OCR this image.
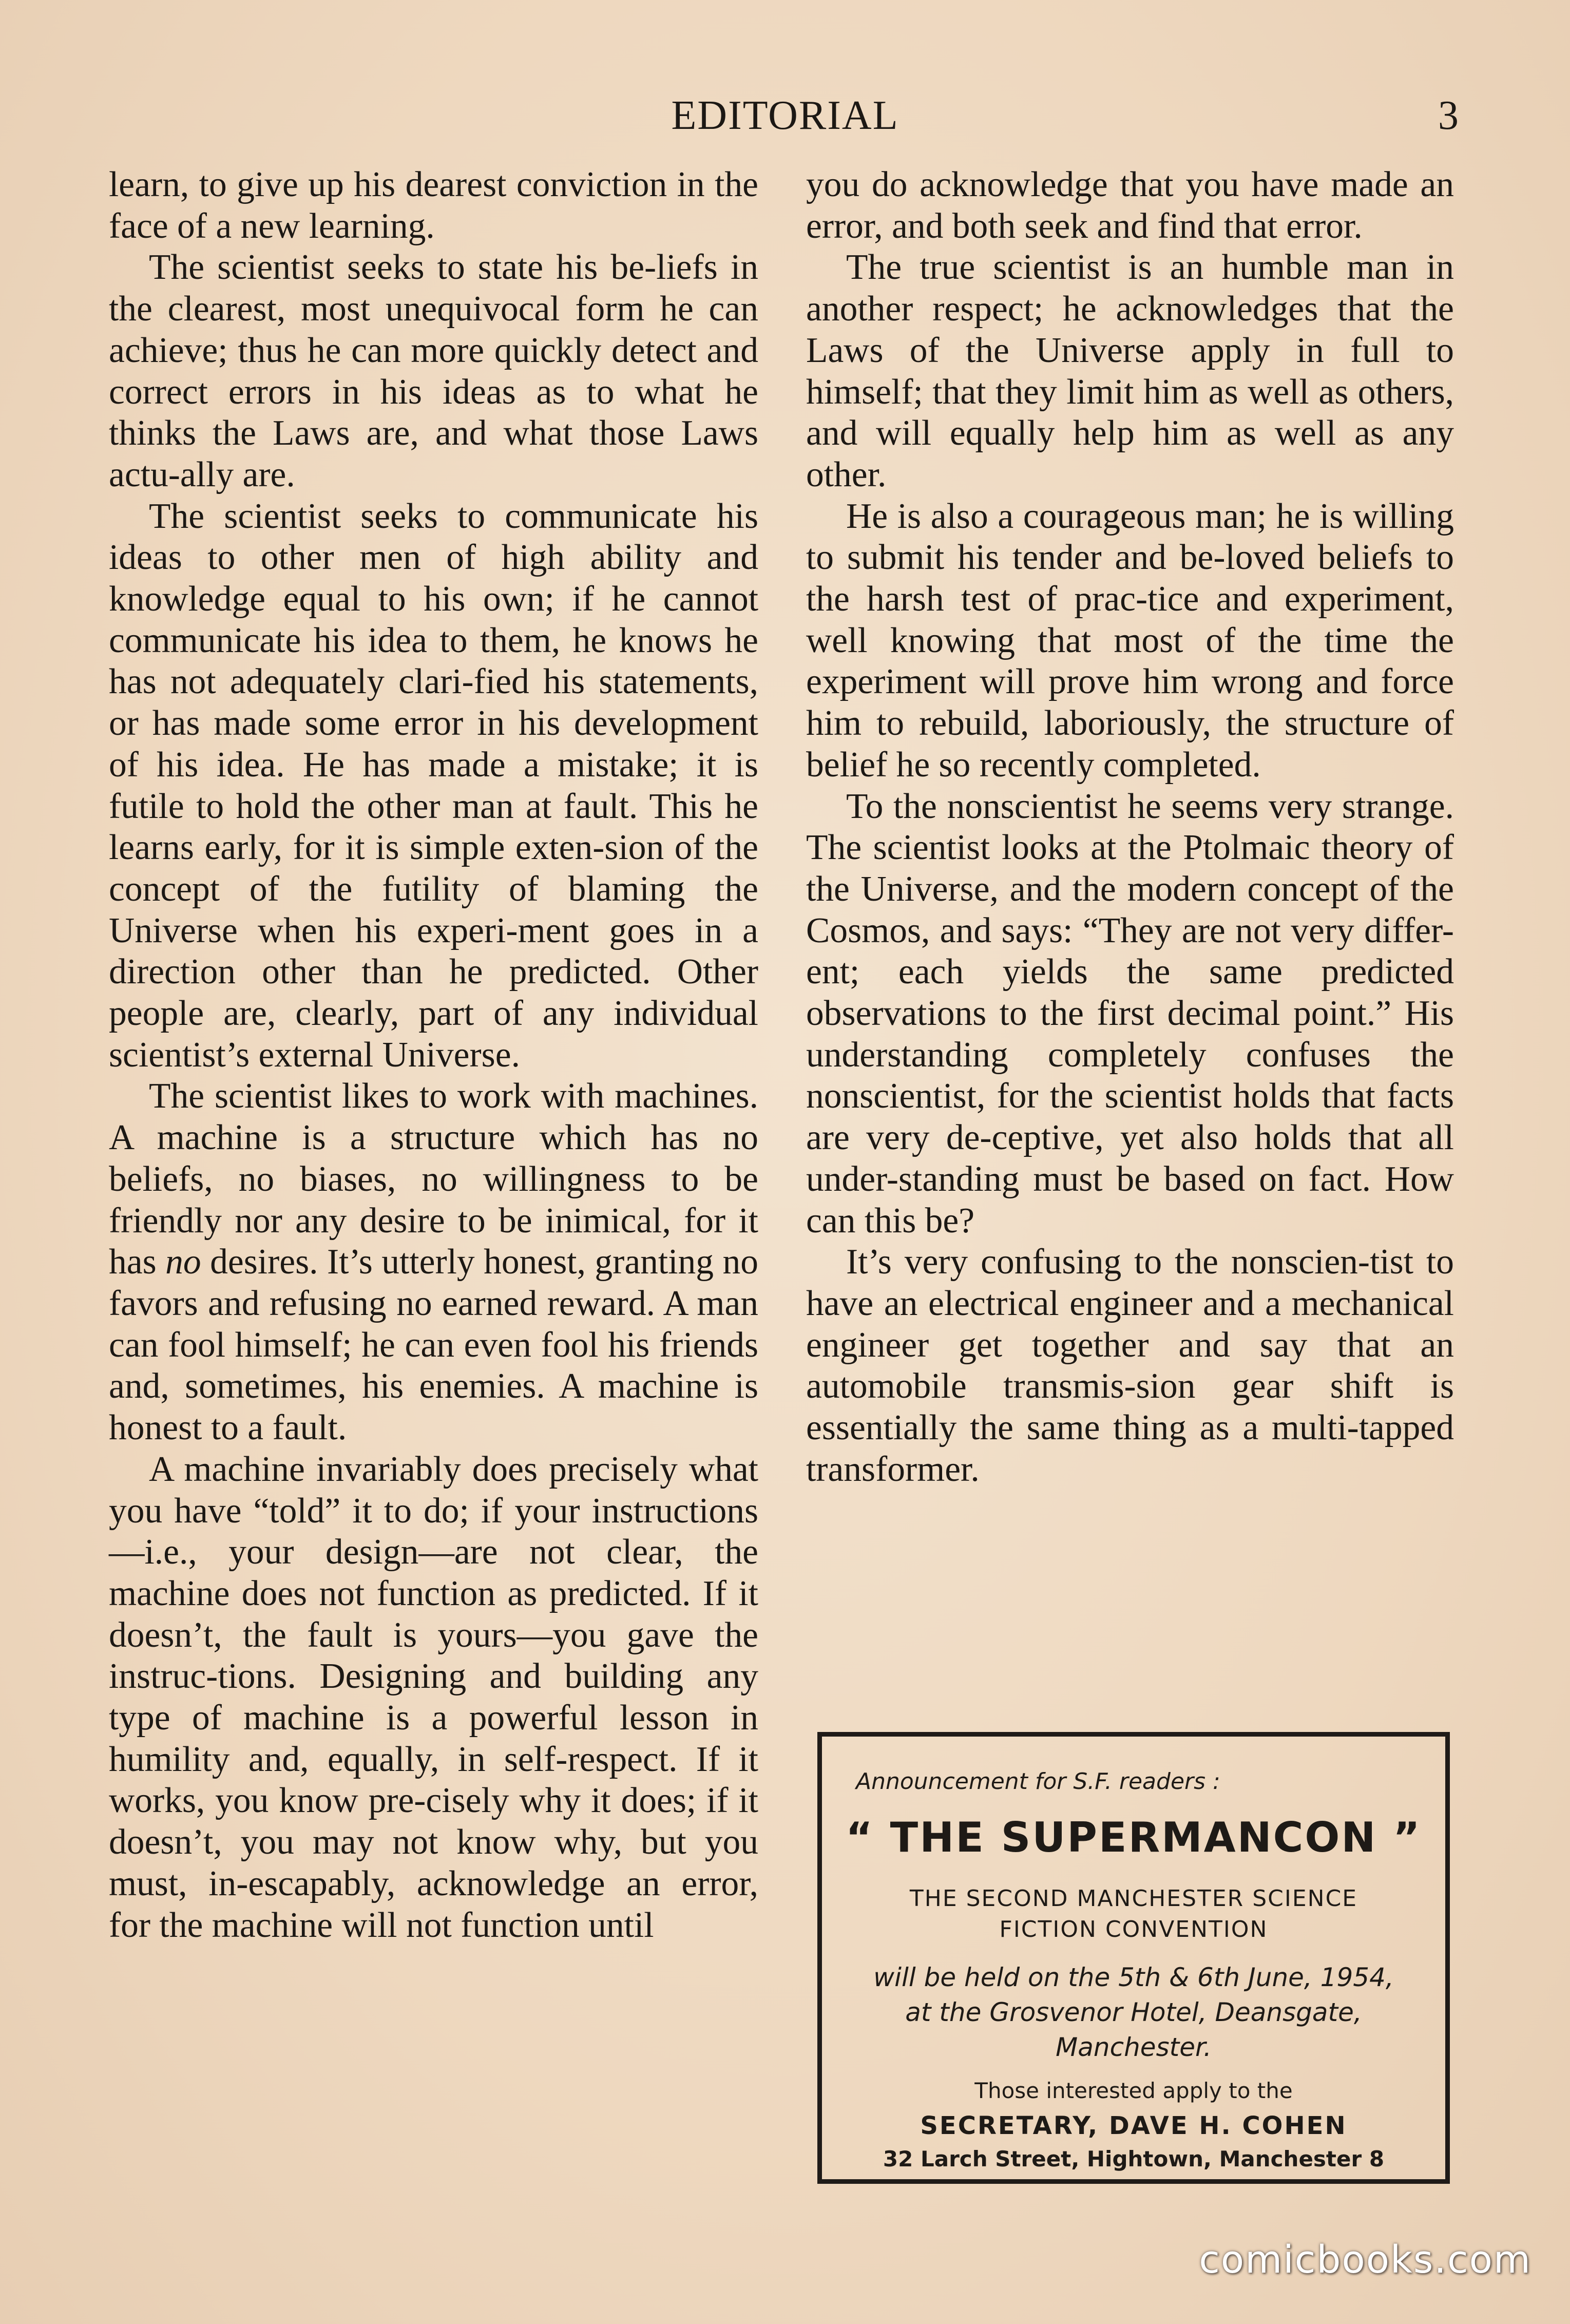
EDITORIAL	3

learn, to give up his dearest conviction in the face of a new learning.

The scientist seeks to state his be-liefs in the clearest, most unequivocal form he can achieve; thus he can more quickly detect and correct errors in his ideas as to what he thinks the Laws are, and what those Laws actu-ally are.

The scientist seeks to communicate his ideas to other men of high ability and knowledge equal to his own; if he cannot communicate his idea to them, he knows he has not adequately clari-fied his statements, or has made some error in his development of his idea. He has made a mistake; it is futile to hold the other man at fault. This he learns early, for it is simple exten-sion of the concept of the futility of blaming the Universe when his experi-ment goes in a direction other than he predicted. Other people are, clearly, part of any individual scientist’s external Universe.

The scientist likes to work with machines. A machine is a structure which has no beliefs, no biases, no willingness to be friendly nor any desire to be inimical, for it has no desires. It’s utterly honest, granting no favors and refusing no earned reward. A man can fool himself; he can even fool his friends and, sometimes, his enemies. A machine is honest to a fault.

A machine invariably does precisely what you have “told” it to do; if your instructions—i.e., your design—are not clear, the machine does not function as predicted. If it doesn’t, the fault is yours—you gave the instruc-tions. Designing and building any type of machine is a powerful lesson in humility and, equally, in self-respect. If it works, you know pre-cisely why it does; if it doesn’t, you may not know why, but you must, in-escapably, acknowledge an error, for the machine will not function until

you do acknowledge that you have made an error, and both seek and find that error.

The true scientist is an humble man in another respect; he acknowledges that the Laws of the Universe apply in full to himself; that they limit him as well as others, and will equally help him as well as any other.

He is also a courageous man; he is willing to submit his tender and be-loved beliefs to the harsh test of prac-tice and experiment, well knowing that most of the time the experiment will prove him wrong and force him to rebuild, laboriously, the structure of belief he so recently completed.

To the nonscientist he seems very strange. The scientist looks at the Ptolmaic theory of the Universe, and the modern concept of the Cosmos, and says: “They are not very differ-ent; each yields the same predicted observations to the first decimal point.” His understanding completely confuses the nonscientist, for the scientist holds that facts are very de-ceptive, yet also holds that all under-standing must be based on fact. How can this be?

It’s very confusing to the nonscien-tist to have an electrical engineer and a mechanical engineer get together and say that an automobile transmis-sion gear shift is essentially the same thing as a multi-tapped transformer.

Announcement for S.F. readers :
“ THE SUPERMANCON ”
THE SECOND MANCHESTER SCIENCE
FICTION CONVENTION
will be held on the 5th & 6th June, 1954,
at the Grosvenor Hotel, Deansgate,
Manchester.
Those interested apply to the
SECRETARY, DAVE H. COHEN
32 Larch Street, Hightown, Manchester 8
comicbooks.com
